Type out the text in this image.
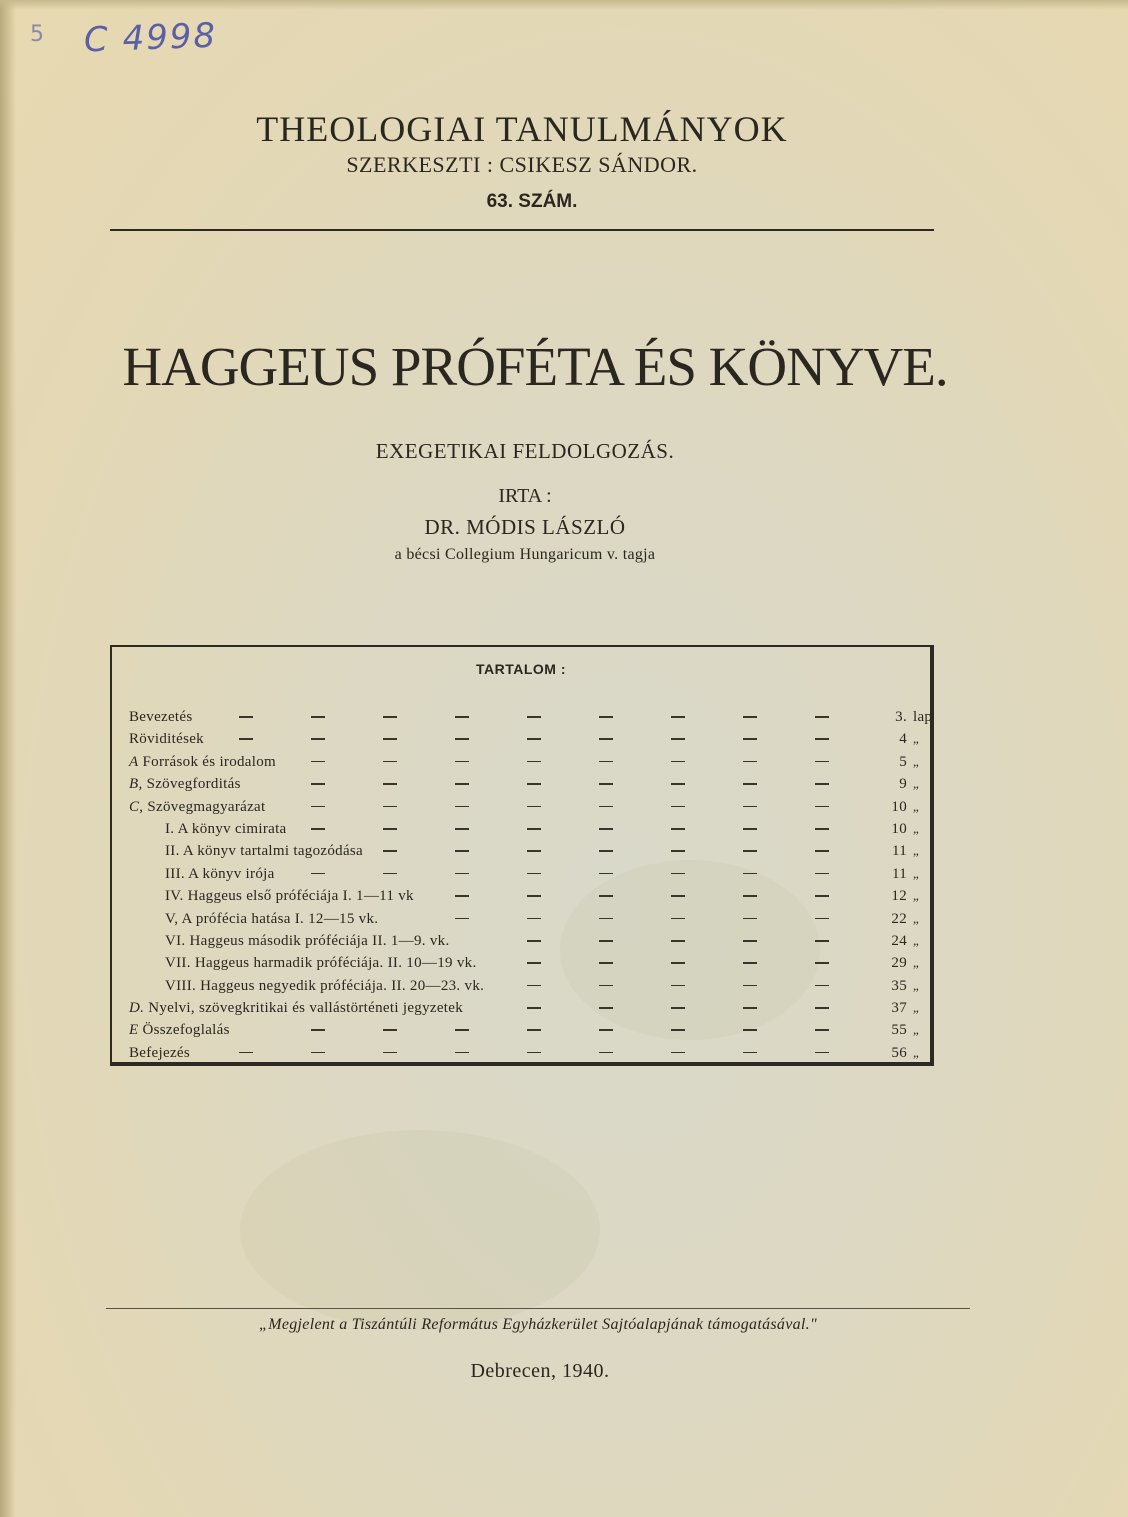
5 C 4998
THEOLOGIAI TANULMÁNYOK
SZERKESZTI : CSIKESZ SÁNDOR.
63. SZÁM.
HAGGEUS PRÓFÉTA ÉS KÖNYVE.
EXEGETIKAI FELDOLGOZÁS.
IRTA :
DR. MÓDIS LÁSZLÓ
a bécsi Collegium Hungaricum v. tagja
TARTALOM :
Bevezetés	3. lap
Röviditések	4 „
A Források és irodalom	5 „
B, Szövegforditás	9 „
C, Szövegmagyarázat	10 „
I. A könyv cimirata	10 „
II. A könyv tartalmi tagozódása	11 „
III. A könyv irója	11 „
IV. Haggeus első próféciája I. 1—11 vk	12 „
V, A prófécia hatása I. 12—15 vk.	22 „
VI. Haggeus második próféciája II. 1—9. vk.	24 „
VII. Haggeus harmadik próféciája. II. 10—19 vk.	29 „
VIII. Haggeus negyedik próféciája. II. 20—23. vk.	35 „
D. Nyelvi, szövegkritikai és vallástörténeti jegyzetek	37 „
E Összefoglalás	55 „
Befejezés	56 „
„Megjelent a Tiszántúli Református Egyházkerület Sajtóalapjának támogatásával."
Debrecen, 1940.
